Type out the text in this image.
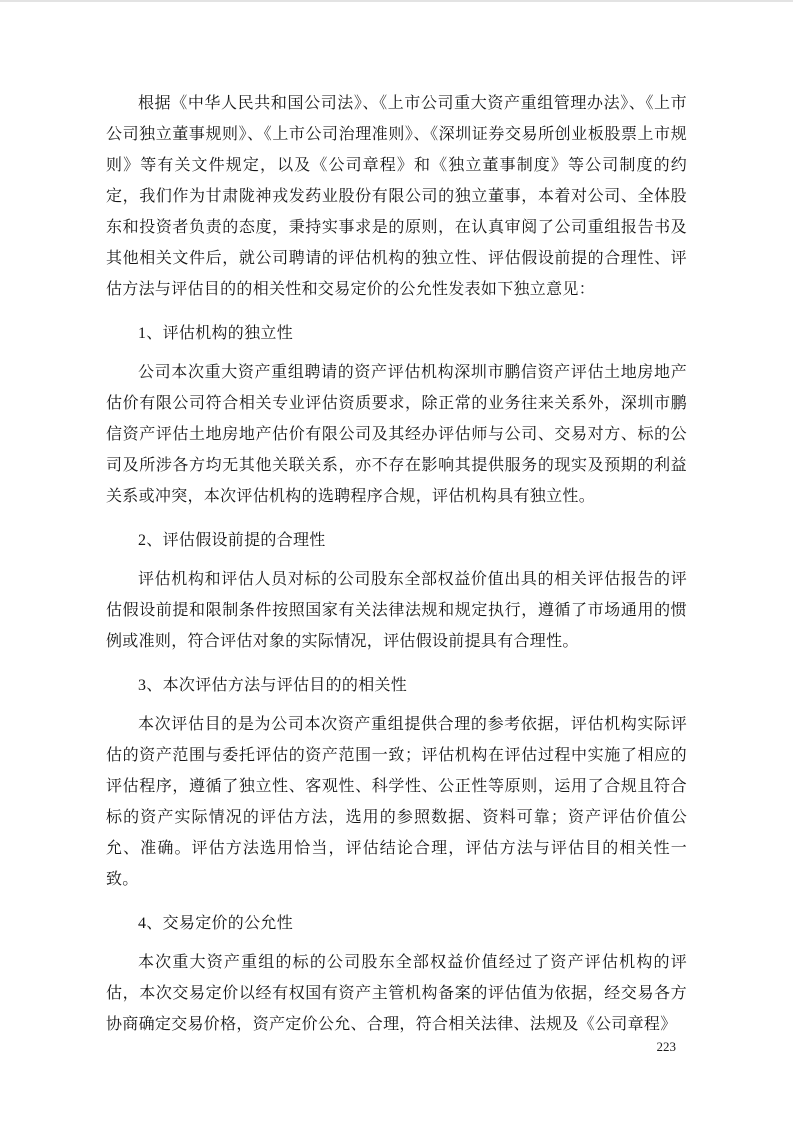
根据《中华人民共和国公司法》、《上市公司重大资产重组管理办法》、《上市公司独立董事规则》、《上市公司治理准则》、《深圳证券交易所创业板股票上市规则》等有关文件规定，以及《公司章程》和《独立董事制度》等公司制度的约定，我们作为甘肃陇神戎发药业股份有限公司的独立董事，本着对公司、全体股东和投资者负责的态度，秉持实事求是的原则，在认真审阅了公司重组报告书及其他相关文件后，就公司聘请的评估机构的独立性、评估假设前提的合理性、评估方法与评估目的的相关性和交易定价的公允性发表如下独立意见：

1、评估机构的独立性

公司本次重大资产重组聘请的资产评估机构深圳市鹏信资产评估土地房地产估价有限公司符合相关专业评估资质要求，除正常的业务往来关系外，深圳市鹏信资产评估土地房地产估价有限公司及其经办评估师与公司、交易对方、标的公司及所涉各方均无其他关联关系，亦不存在影响其提供服务的现实及预期的利益关系或冲突，本次评估机构的选聘程序合规，评估机构具有独立性。

2、评估假设前提的合理性

评估机构和评估人员对标的公司股东全部权益价值出具的相关评估报告的评估假设前提和限制条件按照国家有关法律法规和规定执行，遵循了市场通用的惯例或准则，符合评估对象的实际情况，评估假设前提具有合理性。

3、本次评估方法与评估目的的相关性

本次评估目的是为公司本次资产重组提供合理的参考依据，评估机构实际评估的资产范围与委托评估的资产范围一致；评估机构在评估过程中实施了相应的评估程序，遵循了独立性、客观性、科学性、公正性等原则，运用了合规且符合标的资产实际情况的评估方法，选用的参照数据、资料可靠；资产评估价值公允、准确。评估方法选用恰当，评估结论合理，评估方法与评估目的相关性一致。

4、交易定价的公允性

本次重大资产重组的标的公司股东全部权益价值经过了资产评估机构的评估，本次交易定价以经有权国有资产主管机构备案的评估值为依据，经交易各方协商确定交易价格，资产定价公允、合理，符合相关法律、法规及《公司章程》

223
